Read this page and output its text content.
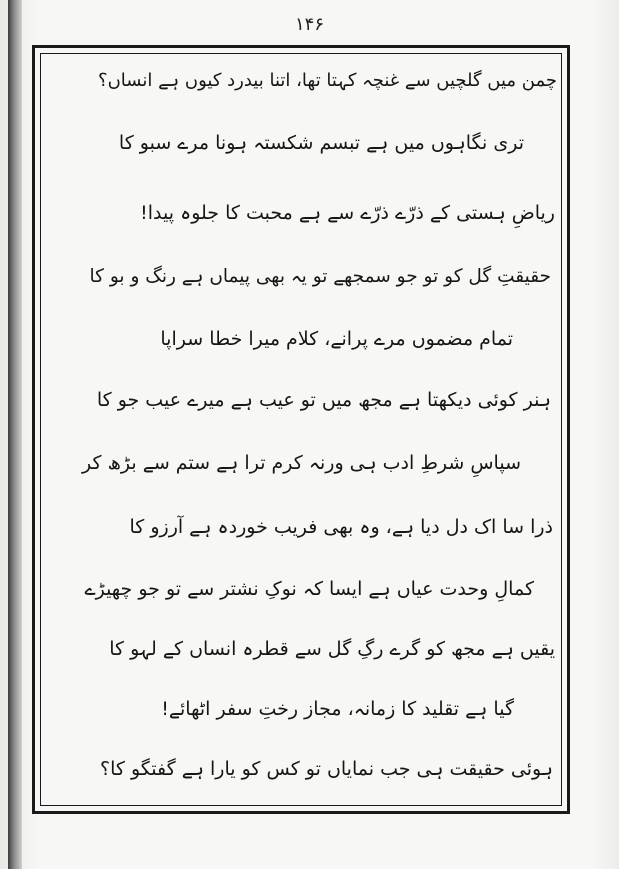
۱۴۶
چمن میں گلچیں سے غنچہ کہتا تھا، اتنا بیدرد کیوں ہے انساں؟
تری نگاہوں میں ہے تبسم شکستہ ہونا مرے سبو کا
ریاضِ ہستی کے ذرّے ذرّے سے ہے محبت کا جلوہ پیدا!
حقیقتِ گل کو تو جو سمجھے تو یہ بھی پیماں ہے رنگ و بو کا
تمام مضموں مرے پرانے، کلام میرا خطا سراپا
ہنر کوئی دیکھتا ہے مجھ میں تو عیب ہے میرے عیب جو کا
سپاسِ شرطِ ادب ہی ورنہ کرم ترا ہے ستم سے بڑھ کر
ذرا سا اک دل دیا ہے، وہ بھی فریب خوردہ ہے آرزو کا
کمالِ وحدت عیاں ہے ایسا کہ نوکِ نشتر سے تو جو چھیڑے
یقیں ہے مجھ کو گرے رگِ گل سے قطرہ انساں کے لہو کا
گیا ہے تقلید کا زمانہ، مجاز رختِ سفر اٹھائے!
ہوئی حقیقت ہی جب نمایاں تو کس کو یارا ہے گفتگو کا؟
